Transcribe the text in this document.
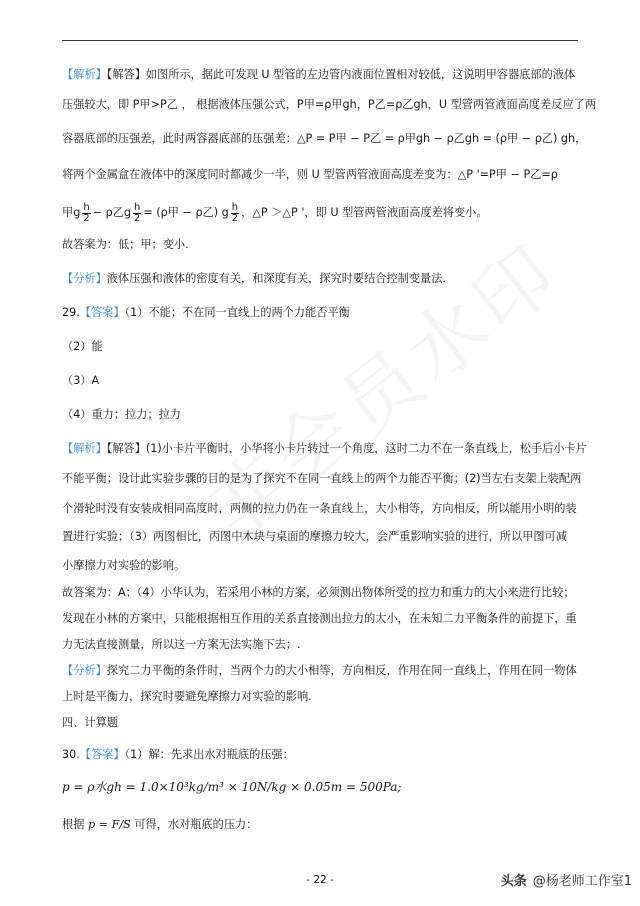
【解析】【解答】如图所示，据此可发现 U 型管的左边管内液面位置相对较低，这说明甲容器底部的液体
压强较大，即 P甲>P乙 ， 根据液体压强公式，P甲=ρ甲gh，P乙=ρ乙gh，U 型管两管液面高度差反应了两
容器底部的压强差，此时两容器底部的压强差：△P = P甲 − P乙 = ρ甲gh − ρ乙gh = (ρ甲 − ρ乙) gh，
将两个金属盒在液体中的深度同时都减少一半，则 U 型管两管液面高度差变为：△P '=P甲 − P乙=ρ
甲g $\frac{h}{2} - \rho$乙g $\frac{h}{2} = (\rho$甲 − ρ乙) g $\frac{h}{2}$ ，△P ＞△P '，即 U 型管两管液面高度差将变小。
故答案为：低；甲；变小.
【分析】液体压强和液体的密度有关，和深度有关，探究时要结合控制变量法.
29.【答案】（1）不能；不在同一直线上的两个力能否平衡
（2）能
（3）A
（4）重力；拉力；拉力
【解析】【解答】(1)小卡片平衡时，小华将小卡片转过一个角度，这时二力不在一条直线上，松手后小卡片
不能平衡；设计此实验步骤的目的是为了探究不在同一直线上的两个力能否平衡；(2)当左右支架上装配两
个滑轮时没有安装成相同高度时，两侧的拉力仍在一条直线上，大小相等，方向相反，所以能用小明的装
置进行实验；（3）两图相比，丙图中木块与桌面的摩擦力较大，会严重影响实验的进行，所以甲图可减
小摩擦力对实验的影响。
故答案为：A；（4）小华认为，若采用小林的方案，必须测出物体所受的拉力和重力的大小来进行比较；
发现在小林的方案中，只能根据相互作用的关系直接测出拉力的大小，在未知二力平衡条件的前提下，重
力无法直接测量，所以这一方案无法实施下去；.
【分析】探究二力平衡的条件时，当两个力的大小相等，方向相反，作用在同一直线上，作用在同一物体
上时是平衡力，探究时要避免摩擦力对实验的影响.
四、计算题
30.【答案】（1）解：先求出水对瓶底的压强：
p = ρ水gh = 1.0×10³kg/m³ × 10N/kg × 0.05m = 500Pa;
根据 p = F/S 可得，水对瓶底的压力：
- 22 -	头条 @杨老师工作室1
